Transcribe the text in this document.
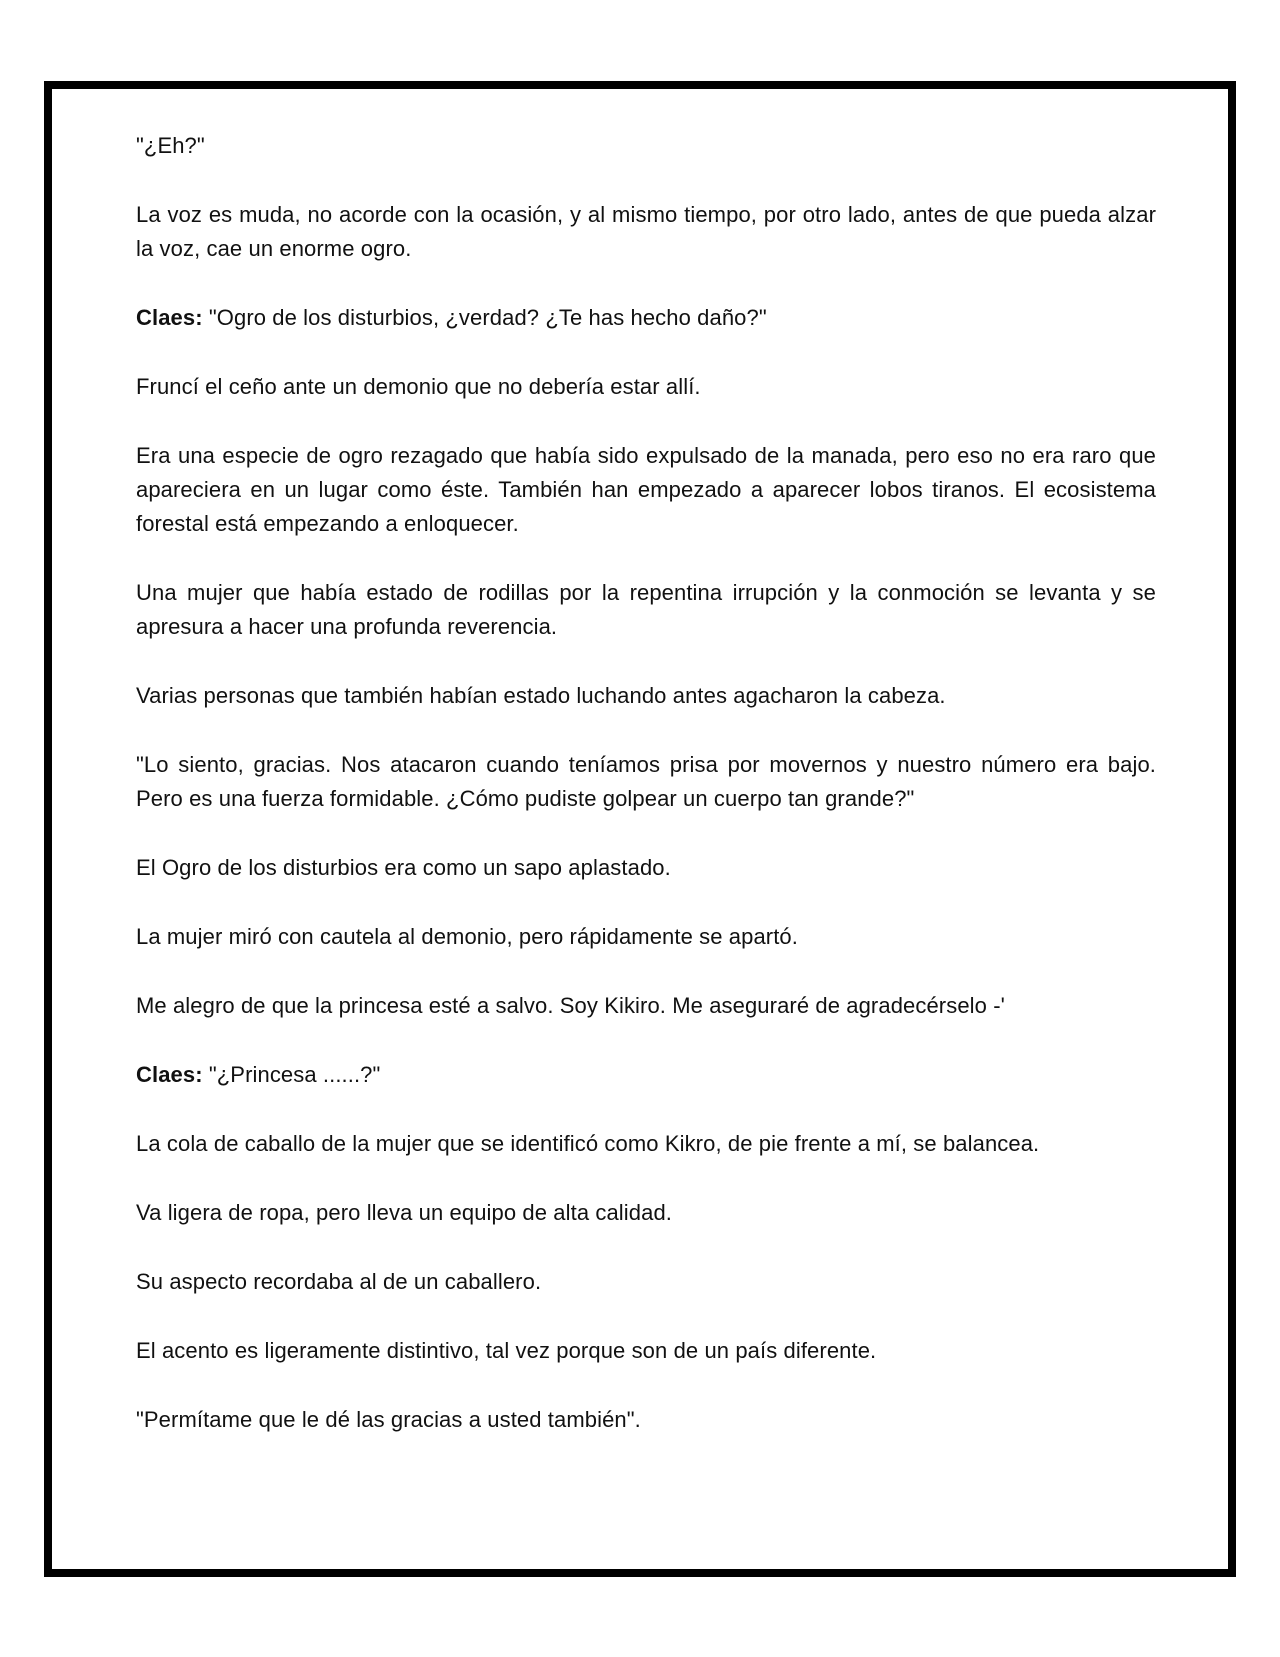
"¿Eh?"

La voz es muda, no acorde con la ocasión, y al mismo tiempo, por otro lado, antes de que pueda alzar la voz, cae un enorme ogro.

Claes: "Ogro de los disturbios, ¿verdad? ¿Te has hecho daño?"

Fruncí el ceño ante un demonio que no debería estar allí.

Era una especie de ogro rezagado que había sido expulsado de la manada, pero eso no era raro que apareciera en un lugar como éste. También han empezado a aparecer lobos tiranos. El ecosistema forestal está empezando a enloquecer.

Una mujer que había estado de rodillas por la repentina irrupción y la conmoción se levanta y se apresura a hacer una profunda reverencia.

Varias personas que también habían estado luchando antes agacharon la cabeza.

"Lo siento, gracias. Nos atacaron cuando teníamos prisa por movernos y nuestro número era bajo. Pero es una fuerza formidable. ¿Cómo pudiste golpear un cuerpo tan grande?"

El Ogro de los disturbios era como un sapo aplastado.

La mujer miró con cautela al demonio, pero rápidamente se apartó.

Me alegro de que la princesa esté a salvo. Soy Kikiro. Me aseguraré de agradecérselo -'

Claes: "¿Princesa ......?"

La cola de caballo de la mujer que se identificó como Kikro, de pie frente a mí, se balancea.

Va ligera de ropa, pero lleva un equipo de alta calidad.

Su aspecto recordaba al de un caballero.

El acento es ligeramente distintivo, tal vez porque son de un país diferente.

"Permítame que le dé las gracias a usted también".
